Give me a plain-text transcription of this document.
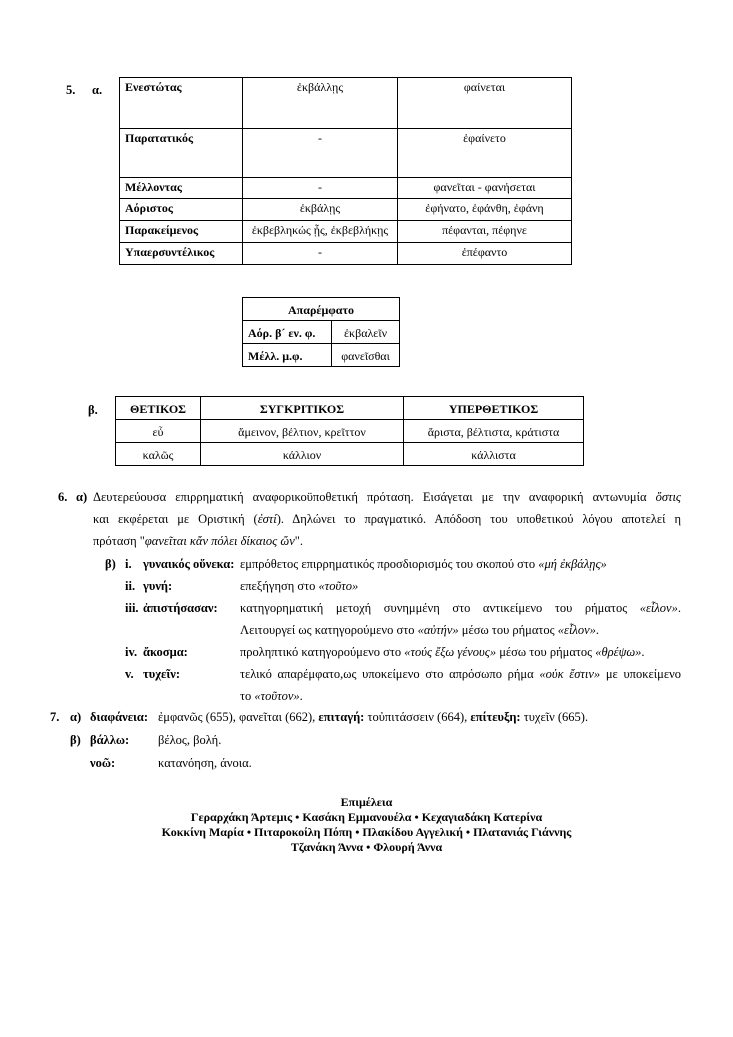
5. α. Ενεστώτας	ἐκβάλλῃς	φαίνεται
Παρατατικός	-	ἐφαίνετο
Μέλλοντας	-	φανεῖται - φανήσεται
Αόριστος	ἐκβάλῃς	ἐφήνατο, ἐφάνθη, ἐφάνη
Παρακείμενος	ἐκβεβληκώς ᾖς, ἐκβεβλήκῃς	πέφανται, πέφηνε
Υπαερσυντέλικος	-	ἐπέφαντο
Απαρέμφατο	
Αόρ. β´ εν. φ.	ἐκβαλεῖν
Μέλλ. μ.φ.	φανεῖσθαι
β.	ΘΕΤΙΚΟΣ	ΣΥΓΚΡΙΤΙΚΟΣ	ΥΠΕΡΘΕΤΙΚΟΣ
εὖ	ἄμεινον, βέλτιον, κρεῖττον	ἄριστα, βέλτιστα, κράτιστα
καλῶς	κάλλιον	κάλλιστα
6. α) Δευτερεύουσα επιρρηματική αναφορικοϋποθετική πρόταση. Εισάγεται με την αναφορική αντωνυμία ὅστις
και εκφέρεται με Οριστική (ἐστί). Δηλώνει το πραγματικό. Απόδοση του υποθετικού λόγου αποτελεί η
πρόταση "φανεῖται κἄν πόλει δίκαιος ὤν".
β) i. γυναικός οὕνεκα: εμπρόθετος επιρρηματικός προσδιορισμός του σκοπού στο «μή ἐκβάλῃς»
ii. γυνή:	επεξήγηση στο «τοῦτο»
iii. ἀπιστήσασαν: κατηγορηματική μετοχή συνημμένη στο αντικείμενο του ρήματος «εἷλον».
Λειτουργεί ως κατηγορούμενο στο «αὐτήν» μέσω του ρήματος «εἷλον».
iv. ἄκοσμα:	προληπτικό κατηγορούμενο στο «τούς ἔξω γένους» μέσω του ρήματος «θρέψω».
v. τυχεῖν:	τελικό απαρέμφατο,ως υποκείμενο στο απρόσωπο ρήμα «οὐκ ἔστιν» με υποκείμενο
το «τοῦτον».
7. α) διαφάνεια: ἐμφανῶς (655), φανεῖται (662), επιταγή: τοὐπιτάσσειν (664), επίτευξη: τυχεῖν (665).
β) βάλλω: βέλος, βολή.
νοῶ:	κατανόηση, άνοια.
Επιμέλεια
Γεραρχάκη Άρτεμις • Κασάκη Εμμανουέλα • Κεχαγιαδάκη Κατερίνα
Κοκκίνη Μαρία • Πιταροκοίλη Πόπη • Πλακίδου Αγγελική • Πλατανιάς Γιάννης
Τζανάκη Άννα • Φλουρή Άννα
